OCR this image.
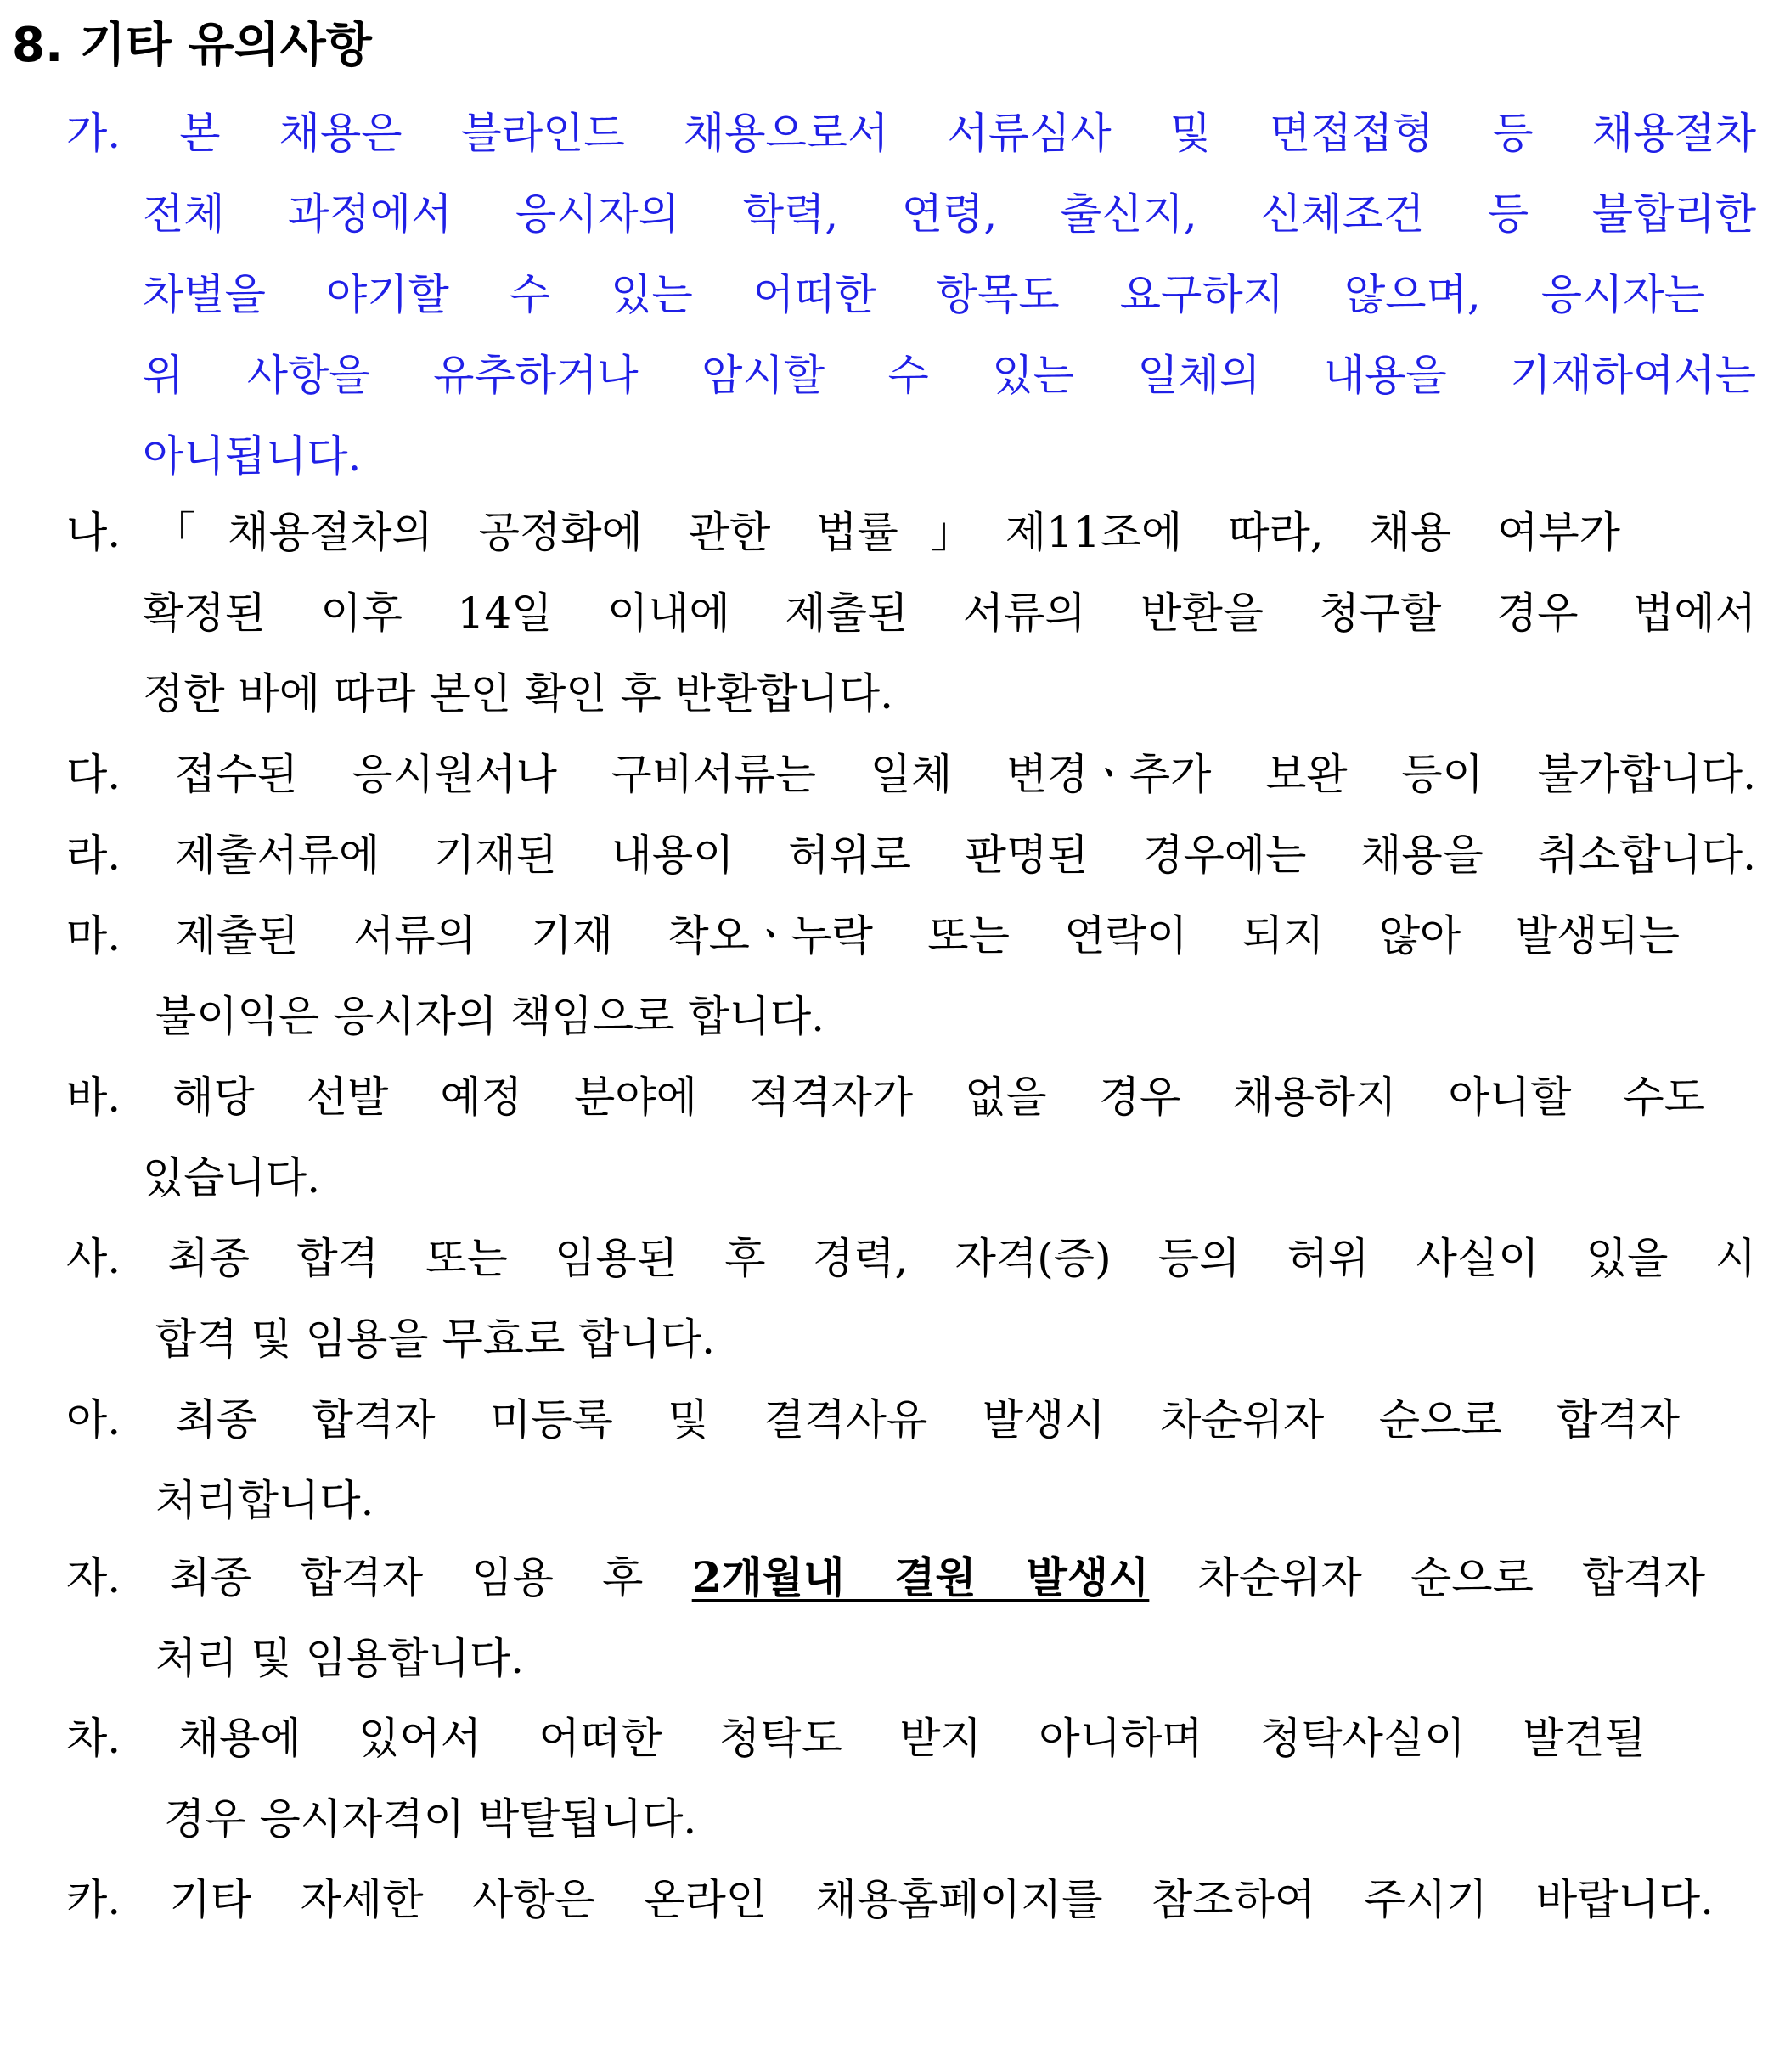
8. 기타 유의사항
가. 본 채용은 블라인드 채용으로서 서류심사 및 면접접형 등 채용절차
전체 과정에서 응시자의 학력, 연령, 출신지, 신체조건 등 불합리한
차별을 야기할 수 있는 어떠한 항목도 요구하지 않으며, 응시자는
위 사항을 유추하거나 암시할 수 있는 일체의 내용을 기재하여서는
아니됩니다.
나.「채용절차의 공정화에 관한 법률」제11조에 따라, 채용 여부가
확정된 이후 14일 이내에 제출된 서류의 반환을 청구할 경우 법에서
정한 바에 따라 본인 확인 후 반환합니다.
다. 접수된 응시원서나 구비서류는 일체 변경ㆍ추가 보완 등이 불가합니다.
라. 제출서류에 기재된 내용이 허위로 판명된 경우에는 채용을 취소합니다.
마. 제출된 서류의 기재 착오ㆍ누락 또는 연락이 되지 않아 발생되는
불이익은 응시자의 책임으로 합니다.
바. 해당 선발 예정 분야에 적격자가 없을 경우 채용하지 아니할 수도
있습니다.
사. 최종 합격 또는 임용된 후 경력, 자격(증) 등의 허위 사실이 있을 시
합격 및 임용을 무효로 합니다.
아. 최종 합격자 미등록 및 결격사유 발생시 차순위자 순으로 합격자
처리합니다.
자. 최종 합격자 임용 후 2개월내 결원 발생시 차순위자 순으로 합격자
처리 및 임용합니다.
차. 채용에 있어서 어떠한 청탁도 받지 아니하며 청탁사실이 발견될
경우 응시자격이 박탈됩니다.
카. 기타 자세한 사항은 온라인 채용홈페이지를 참조하여 주시기 바랍니다.
